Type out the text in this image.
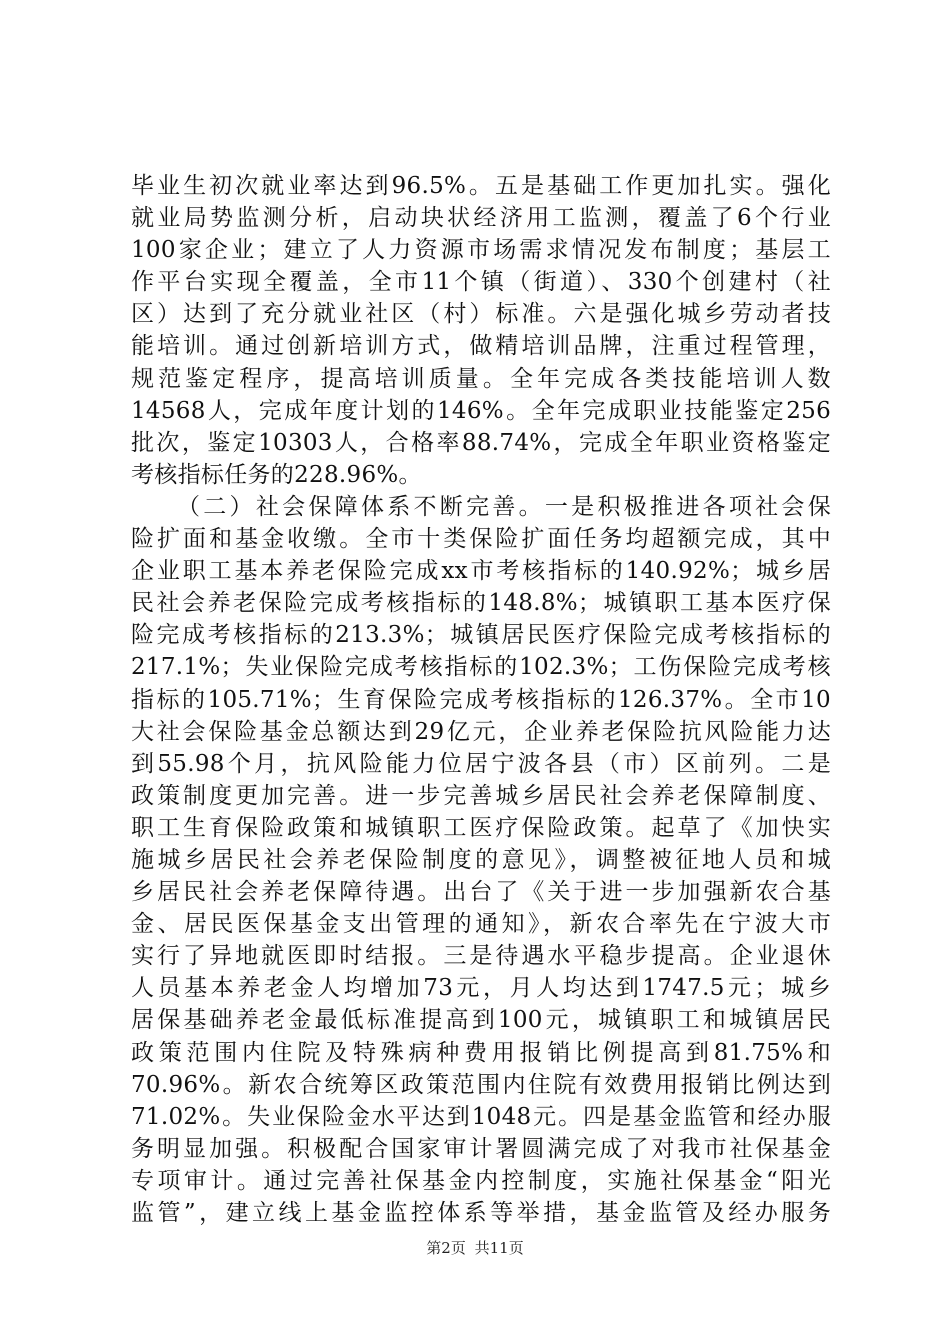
毕业生初次就业率达到96.5%。五是基础工作更加扎实。强化
就业局势监测分析，启动块状经济用工监测，覆盖了6个行业
100家企业；建立了人力资源市场需求情况发布制度；基层工
作平台实现全覆盖，全市11个镇（街道）、330个创建村（社
区）达到了充分就业社区（村）标准。六是强化城乡劳动者技
能培训。通过创新培训方式，做精培训品牌，注重过程管理，
规范鉴定程序，提高培训质量。全年完成各类技能培训人数
14568人，完成年度计划的146%。全年完成职业技能鉴定256
批次，鉴定10303人，合格率88.74%，完成全年职业资格鉴定
考核指标任务的228.96%。
（二）社会保障体系不断完善。一是积极推进各项社会保
险扩面和基金收缴。全市十类保险扩面任务均超额完成，其中
企业职工基本养老保险完成xx市考核指标的140.92%；城乡居
民社会养老保险完成考核指标的148.8%；城镇职工基本医疗保
险完成考核指标的213.3%；城镇居民医疗保险完成考核指标的
217.1%；失业保险完成考核指标的102.3%；工伤保险完成考核
指标的105.71%；生育保险完成考核指标的126.37%。全市10
大社会保险基金总额达到29亿元，企业养老保险抗风险能力达
到55.98个月，抗风险能力位居宁波各县（市）区前列。二是
政策制度更加完善。进一步完善城乡居民社会养老保障制度、
职工生育保险政策和城镇职工医疗保险政策。起草了《加快实
施城乡居民社会养老保险制度的意见》，调整被征地人员和城
乡居民社会养老保障待遇。出台了《关于进一步加强新农合基
金、居民医保基金支出管理的通知》，新农合率先在宁波大市
实行了异地就医即时结报。三是待遇水平稳步提高。企业退休
人员基本养老金人均增加73元，月人均达到1747.5元；城乡
居保基础养老金最低标准提高到100元，城镇职工和城镇居民
政策范围内住院及特殊病种费用报销比例提高到81.75%和
70.96%。新农合统筹区政策范围内住院有效费用报销比例达到
71.02%。失业保险金水平达到1048元。四是基金监管和经办服
务明显加强。积极配合国家审计署圆满完成了对我市社保基金
专项审计。通过完善社保基金内控制度，实施社保基金“阳光
监管”，建立线上基金监控体系等举措，基金监管及经办服务
第2页 共11页
